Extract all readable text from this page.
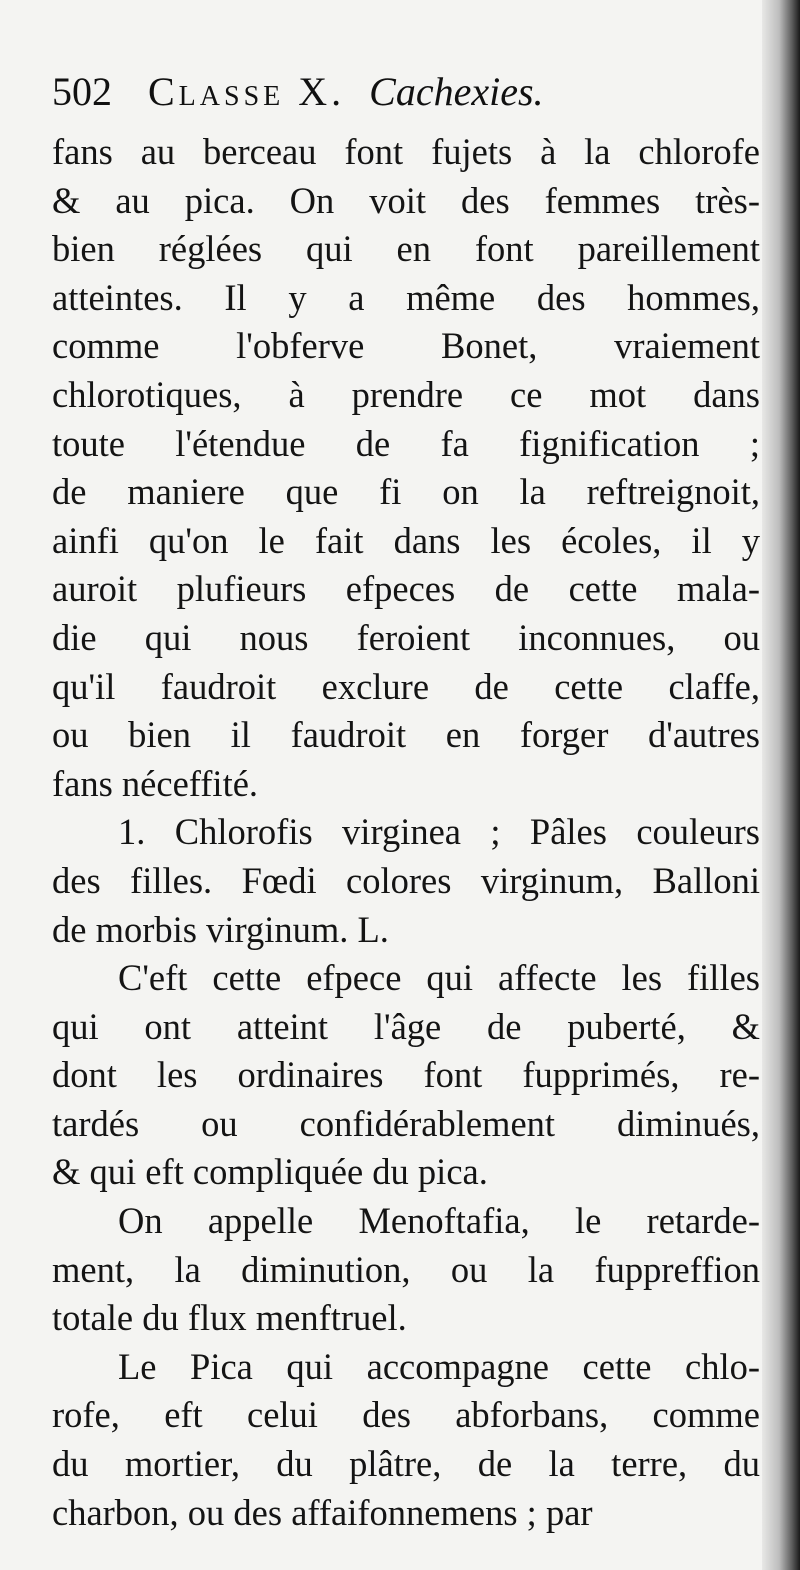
502 Classe X. Cachexies.
fans au berceau font fujets à la chlorofe
& au pica. On voit des femmes très-
bien réglées qui en font pareillement
atteintes. Il y a même des hommes,
comme l'obferve Bonet, vraiement
chlorotiques, à prendre ce mot dans
toute l'étendue de fa fignification ;
de maniere que fi on la reftreignoit,
ainfi qu'on le fait dans les écoles, il y
auroit plufieurs efpeces de cette mala-
die qui nous feroient inconnues, ou
qu'il faudroit exclure de cette claffe,
ou bien il faudroit en forger d'autres
fans néceffité.
1. Chlorofis virginea ; Pâles couleurs
des filles. Fœdi colores virginum, Balloni
de morbis virginum. L.
C'eft cette efpece qui affecte les filles
qui ont atteint l'âge de puberté, &
dont les ordinaires font fupprimés, re-
tardés ou confidérablement diminués,
& qui eft compliquée du pica.
On appelle Menoftafia, le retarde-
ment, la diminution, ou la fuppreffion
totale du flux menftruel.
Le Pica qui accompagne cette chlo-
rofe, eft celui des abforbans, comme
du mortier, du plâtre, de la terre, du
charbon, ou des affaifonnemens ; par
